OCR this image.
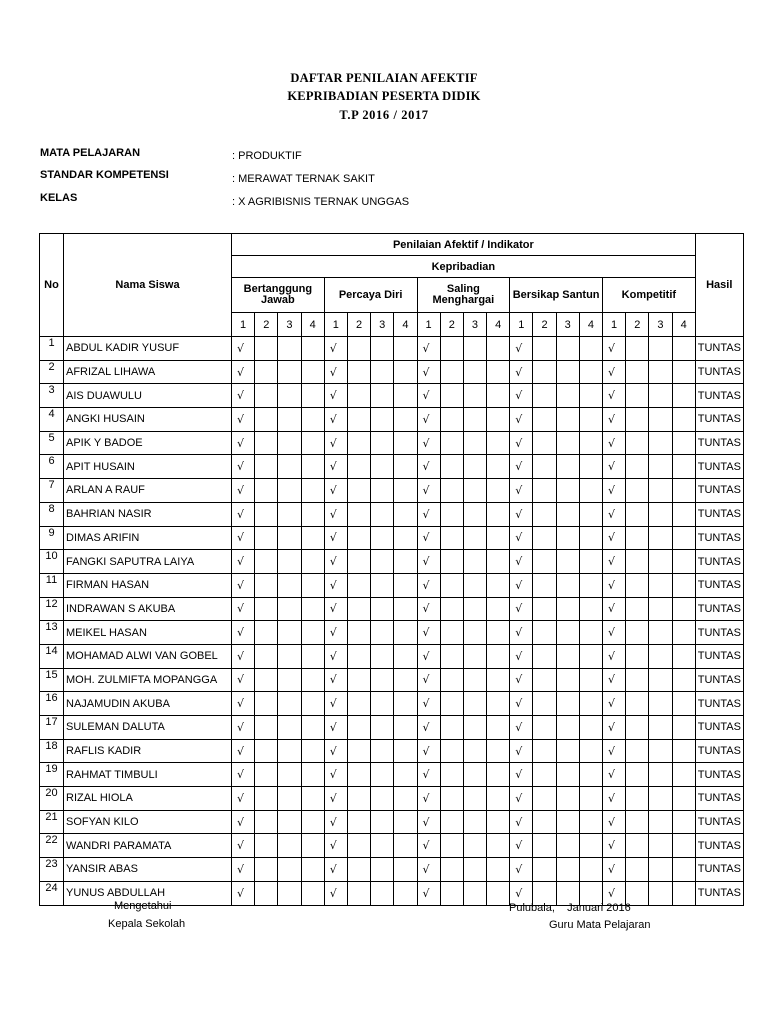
DAFTAR PENILAIAN AFEKTIF
KEPRIBADIAN PESERTA DIDIK
T.P 2016 / 2017
MATA PELAJARAN	: PRODUKTIF
STANDAR KOMPETENSI	: MERAWAT TERNAK SAKIT
KELAS	: X AGRIBISNIS TERNAK UNGGAS
No	Nama Siswa	Penilaian Afektif / Indikator																				Hasil
		Kepribadian																				
		Bertanggung Jawab				Percaya Diri				Saling Menghargai				Bersikap Santun				Kompetitif				
		1	2	3	4	1	2	3	4	1	2	3	4	1	2	3	4	1	2	3	4	
1	ABDUL KADIR YUSUF	√				√				√				√				√				TUNTAS
2	AFRIZAL LIHAWA	√				√				√				√				√				TUNTAS
3	AIS DUAWULU	√				√				√				√				√				TUNTAS
4	ANGKI HUSAIN	√				√				√				√				√				TUNTAS
5	APIK Y BADOE	√				√				√				√				√				TUNTAS
6	APIT HUSAIN	√				√				√				√				√				TUNTAS
7	ARLAN A RAUF	√				√				√				√				√				TUNTAS
8	BAHRIAN NASIR	√				√				√				√				√				TUNTAS
9	DIMAS ARIFIN	√				√				√				√				√				TUNTAS
10	FANGKI SAPUTRA LAIYA	√				√				√				√				√				TUNTAS
11	FIRMAN HASAN	√				√				√				√				√				TUNTAS
12	INDRAWAN S AKUBA	√				√				√				√				√				TUNTAS
13	MEIKEL HASAN	√				√				√				√				√				TUNTAS
14	MOHAMAD ALWI VAN GOBEL	√				√				√				√				√				TUNTAS
15	MOH. ZULMIFTA MOPANGGA	√				√				√				√				√				TUNTAS
16	NAJAMUDIN AKUBA	√				√				√				√				√				TUNTAS
17	SULEMAN DALUTA	√				√				√				√				√				TUNTAS
18	RAFLIS KADIR	√				√				√				√				√				TUNTAS
19	RAHMAT TIMBULI	√				√				√				√				√				TUNTAS
20	RIZAL HIOLA	√				√				√				√				√				TUNTAS
21	SOFYAN KILO	√				√				√				√				√				TUNTAS
22	WANDRI PARAMATA	√				√				√				√				√				TUNTAS
23	YANSIR ABAS	√				√				√				√				√				TUNTAS
24	YUNUS ABDULLAH	√				√				√				√				√				TUNTAS
Mengetahui
Kepala Sekolah
Pulubala,    Januari 2016
Guru Mata Pelajaran
